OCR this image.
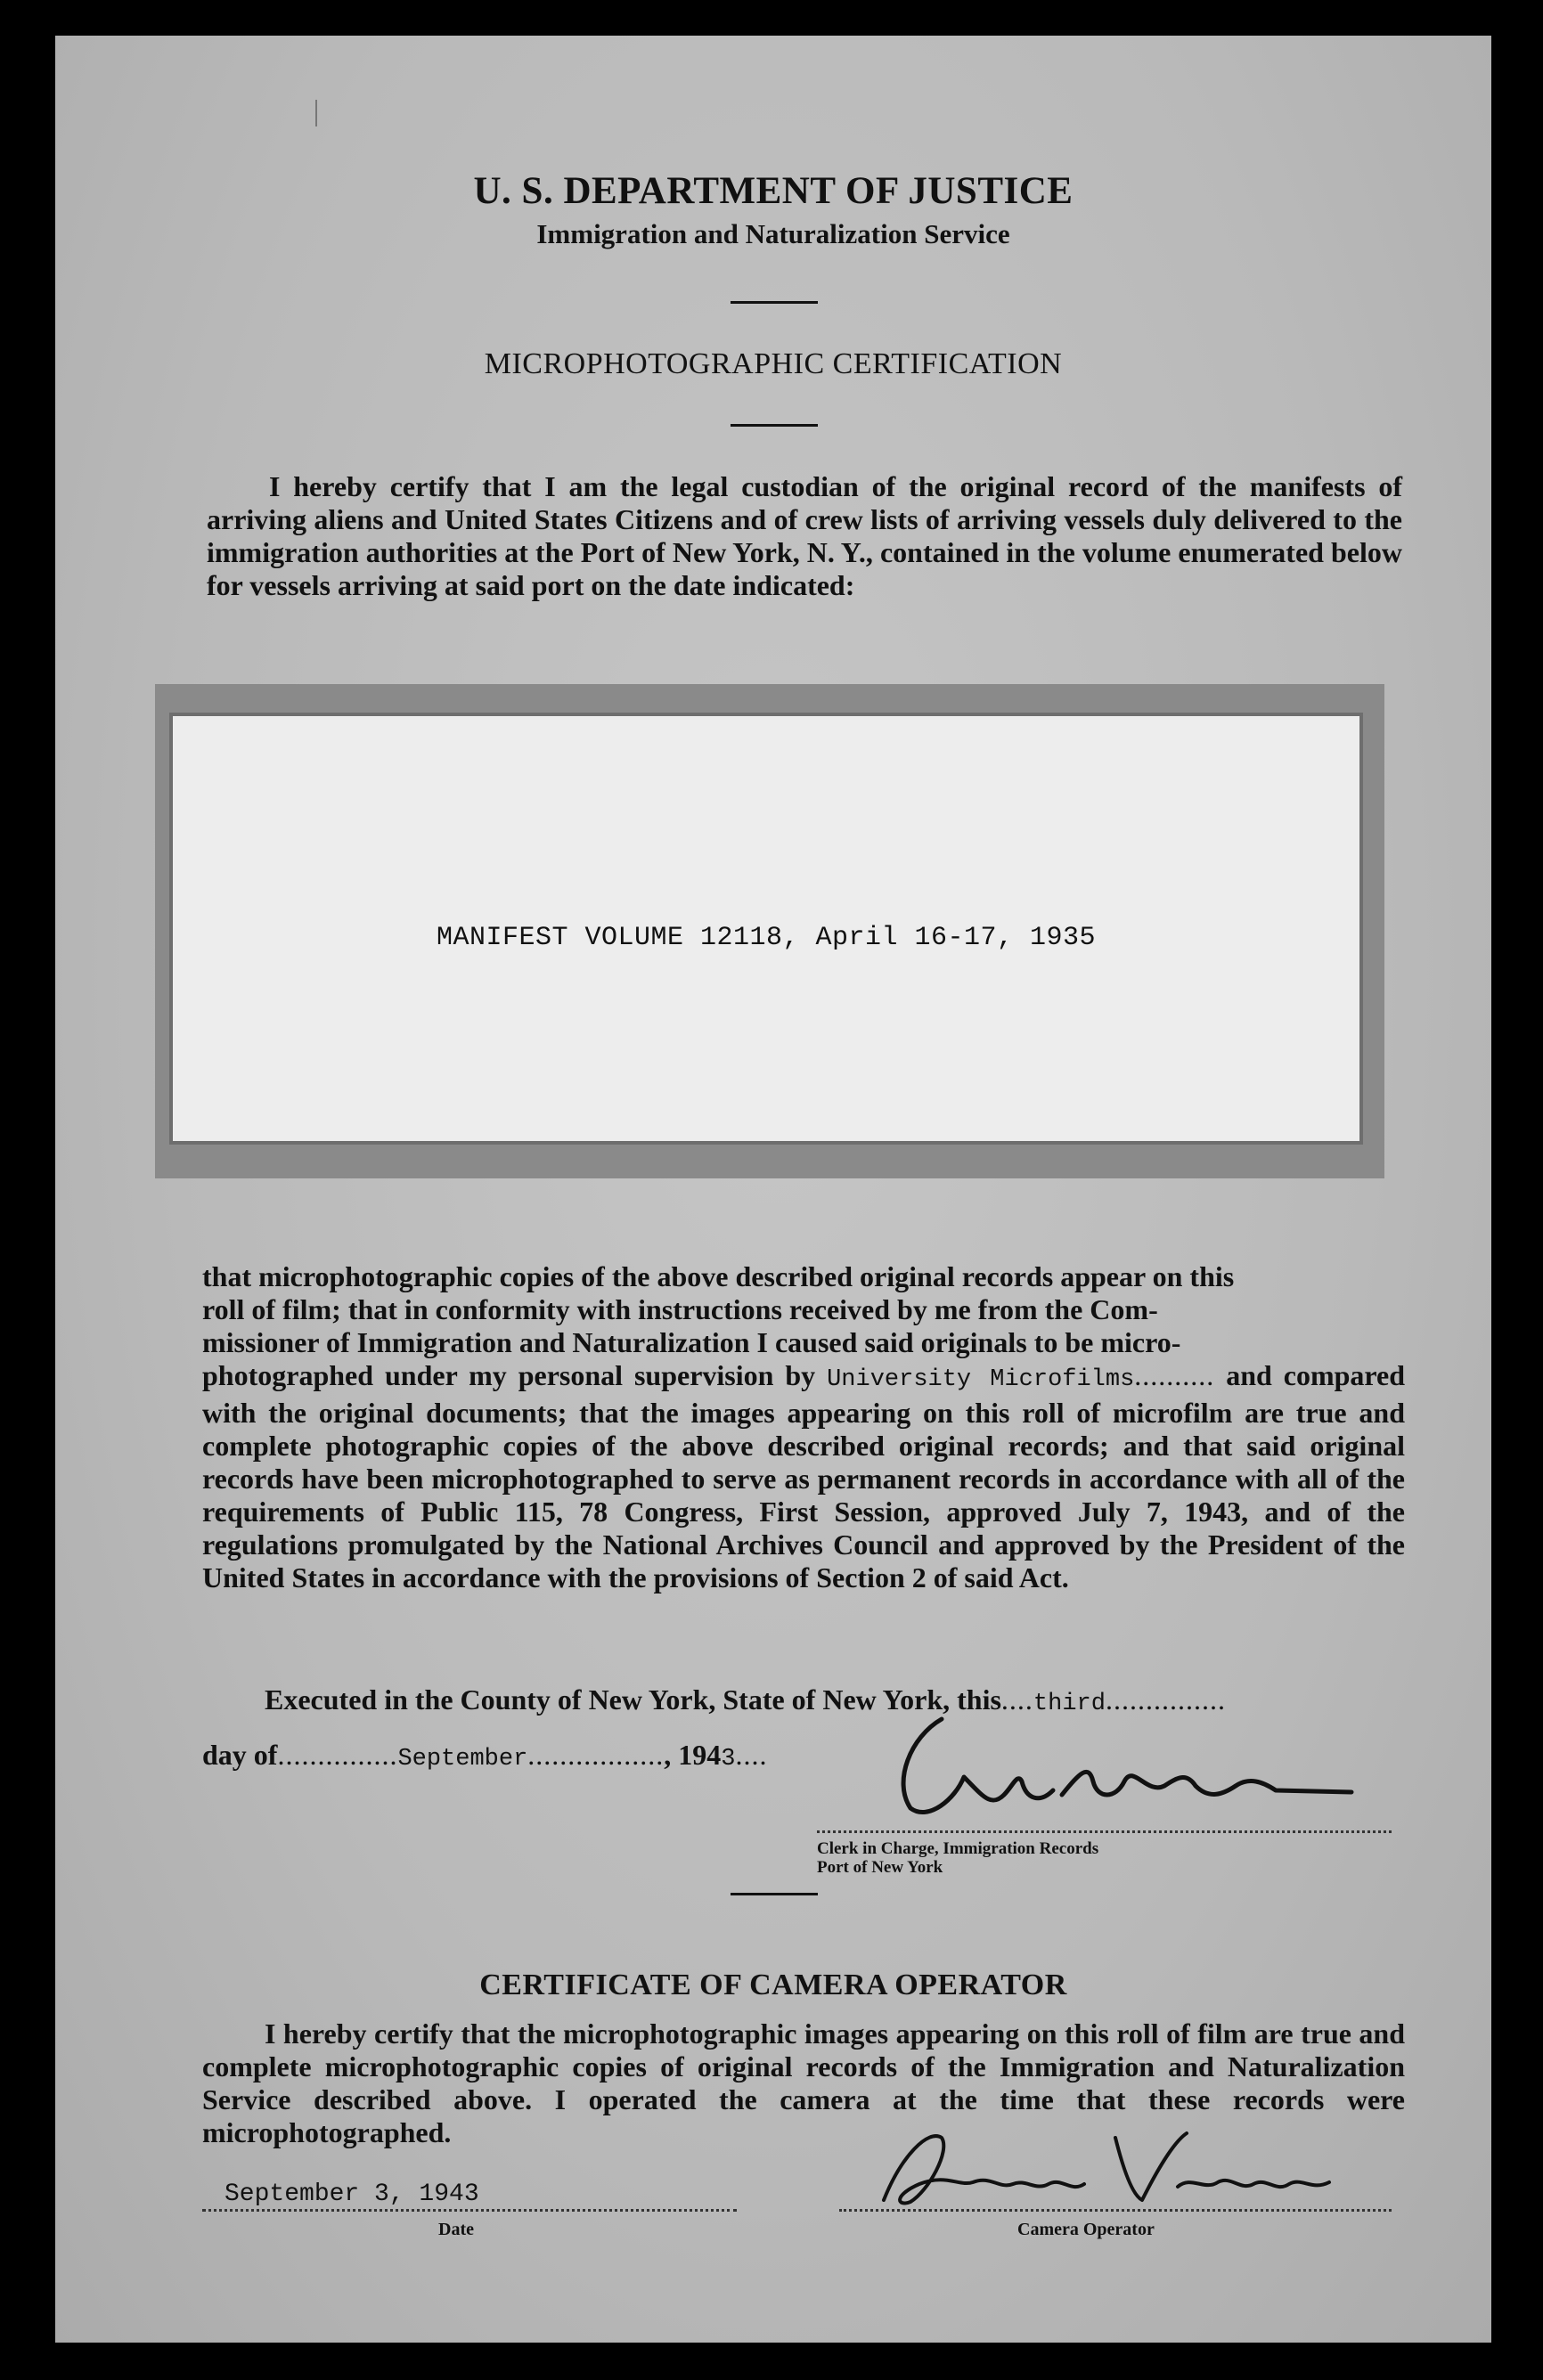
U. S. DEPARTMENT OF JUSTICE
Immigration and Naturalization Service
MICROPHOTOGRAPHIC CERTIFICATION
I hereby certify that I am the legal custodian of the original record of the manifests of arriving aliens and United States Citizens and of crew lists of arriving vessels duly delivered to the immigration authorities at the Port of New York, N. Y., contained in the volume enumerated below for vessels arriving at said port on the date indicated:
MANIFEST VOLUME 12118, April 16-17, 1935
that microphotographic copies of the above described original records appear on this
roll of film; that in conformity with instructions received by me from the Com-
missioner of Immigration and Naturalization I caused said originals to be micro-
photographed under my personal supervision by University Microfilms.......... and compared with the original documents; that the images appearing on this roll of microfilm are true and complete photographic copies of the above described original records; and that said original records have been microphotographed to serve as permanent records in accordance with all of the requirements of Public 115, 78 Congress, First Session, approved July 7, 1943, and of the regulations promulgated by the National Archives Council and approved by the President of the United States in accordance with the provisions of Section 2 of said Act.
Executed in the County of New York, State of New York, this....third...............
day of...............September................., 1943....
Clerk in Charge, Immigration Records
Port of New York
CERTIFICATE OF CAMERA OPERATOR
I hereby certify that the microphotographic images appearing on this roll of film are true and complete microphotographic copies of original records of the Immigration and Naturalization Service described above. I operated the camera at the time that these records were microphotographed.
September 3, 1943
Date	Camera Operator
